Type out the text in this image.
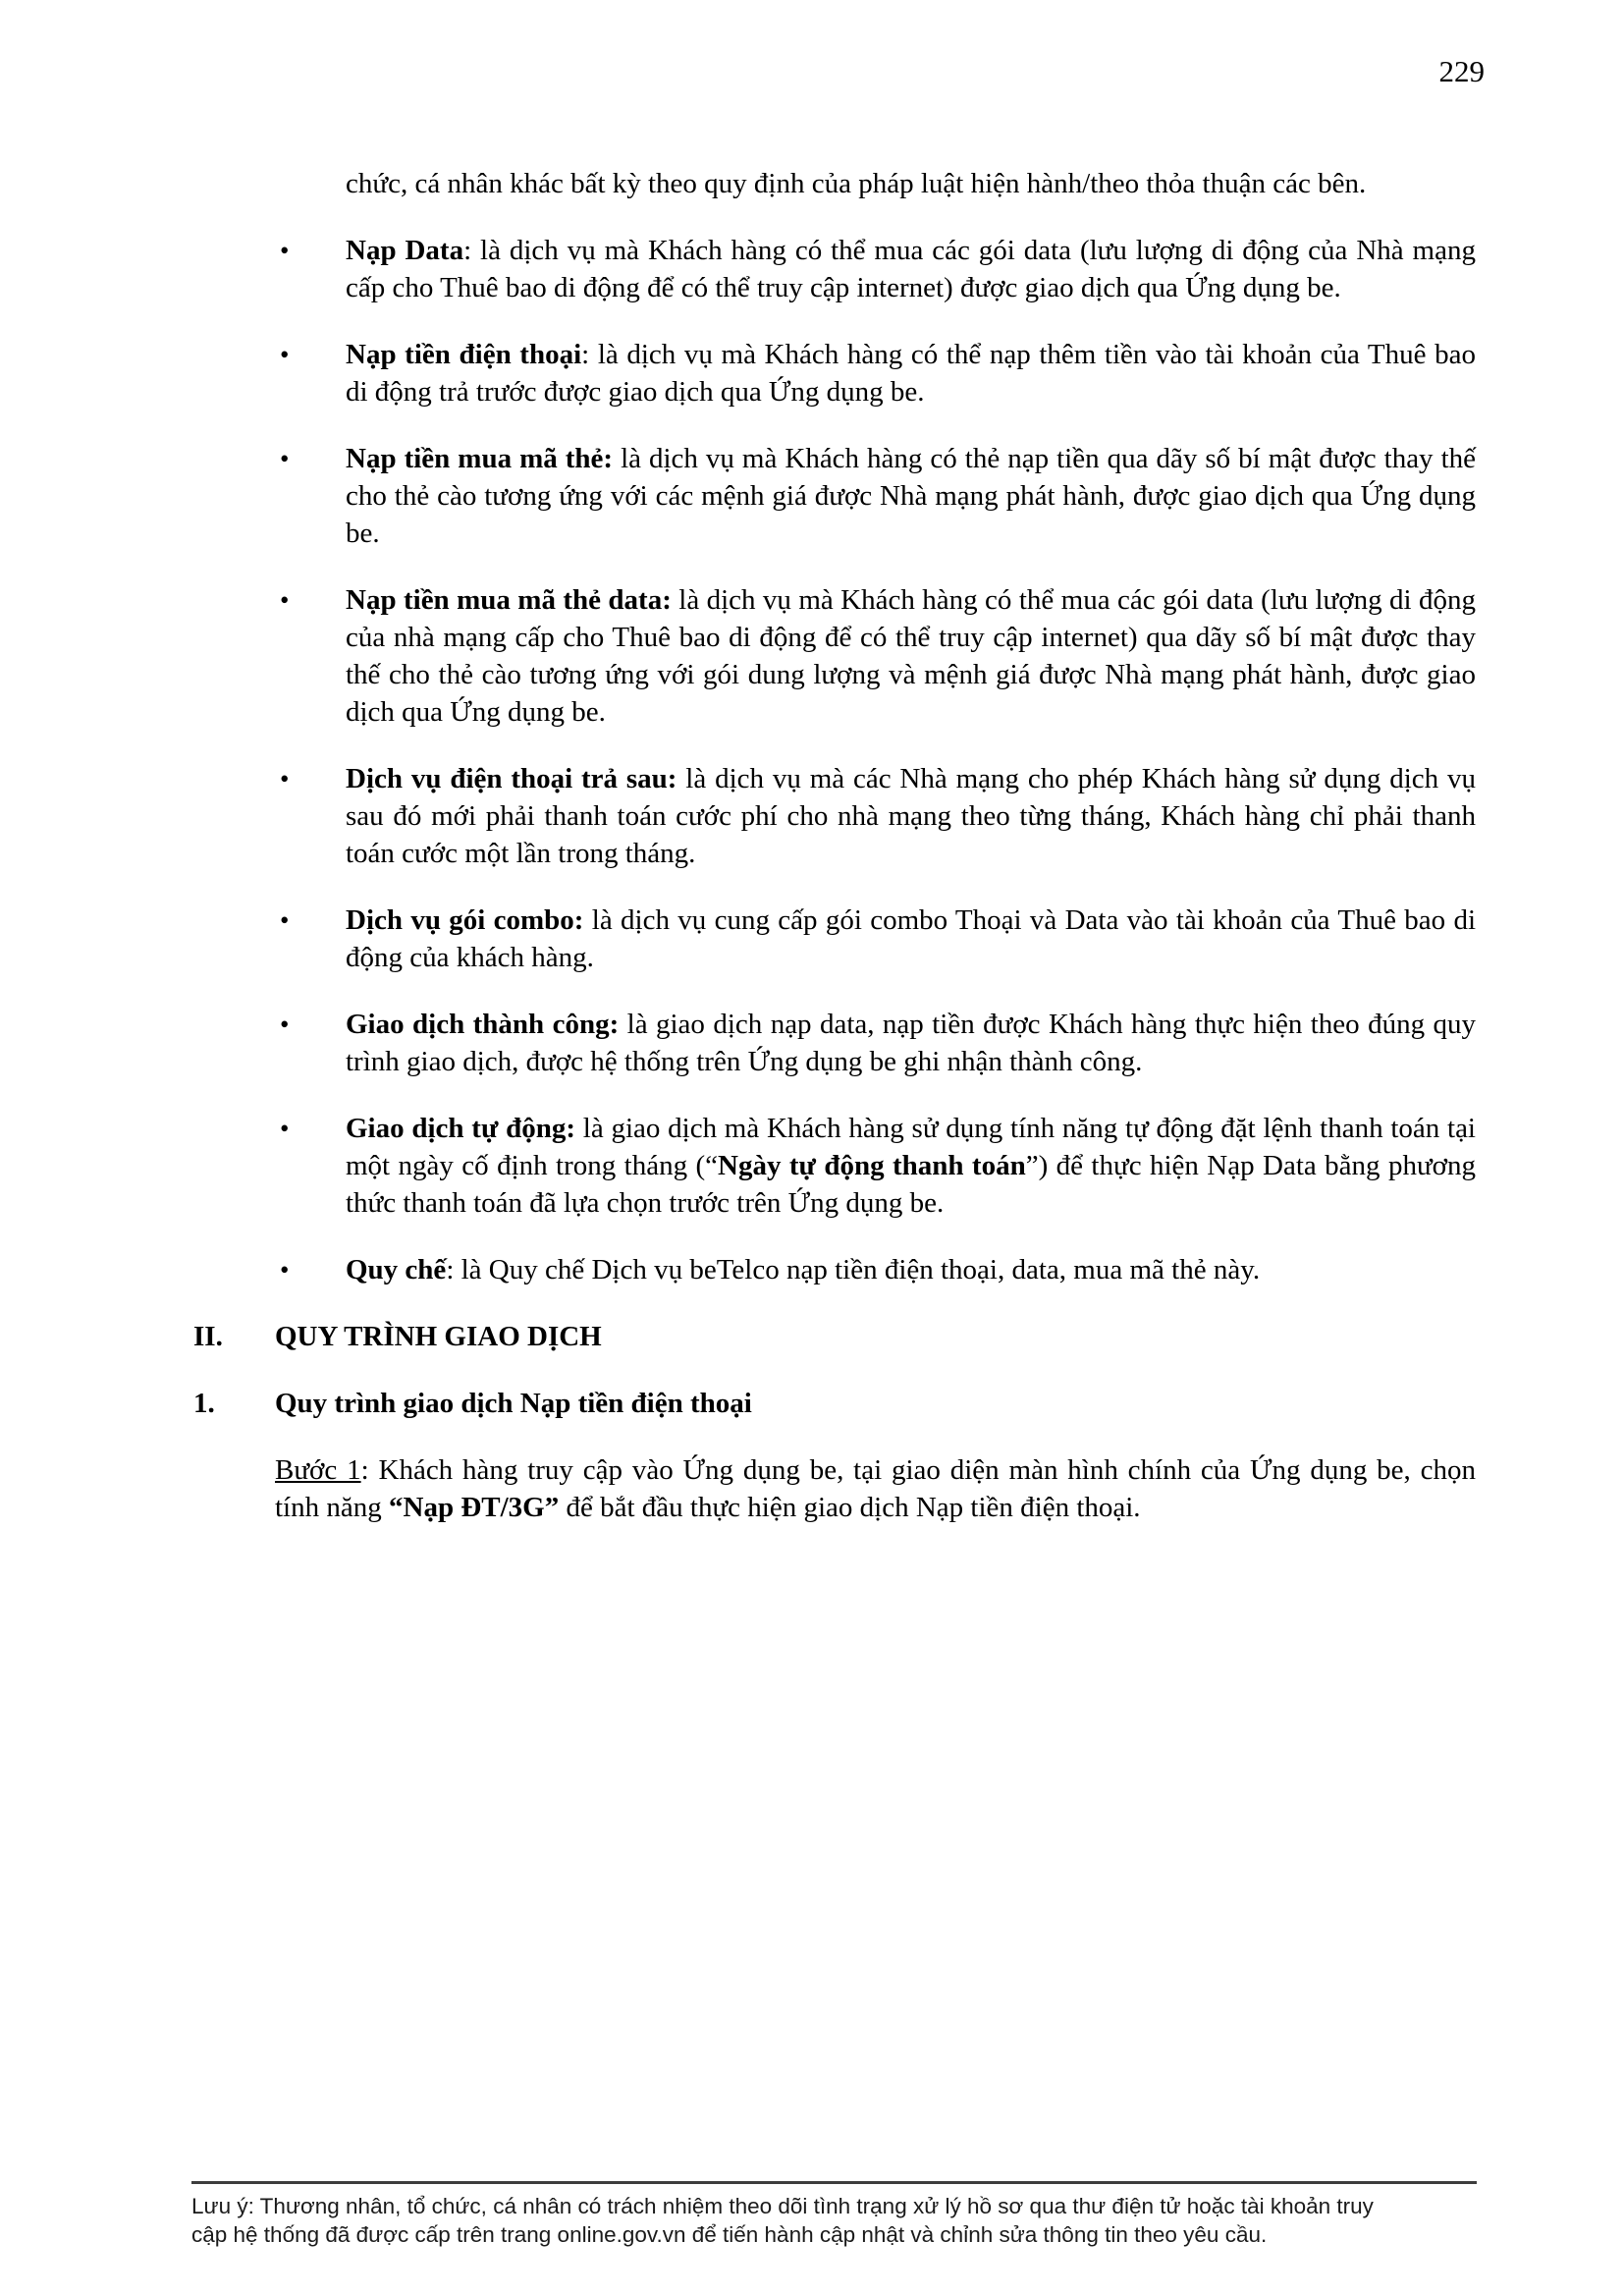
229

chức, cá nhân khác bất kỳ theo quy định của pháp luật hiện hành/theo thỏa thuận các bên.

•	Nạp Data: là dịch vụ mà Khách hàng có thể mua các gói data (lưu lượng di động của Nhà mạng cấp cho Thuê bao di động để có thể truy cập internet) được giao dịch qua Ứng dụng be.
•	Nạp tiền điện thoại: là dịch vụ mà Khách hàng có thể nạp thêm tiền vào tài khoản của Thuê bao di động trả trước được giao dịch qua Ứng dụng be.
•	Nạp tiền mua mã thẻ: là dịch vụ mà Khách hàng có thẻ nạp tiền qua dãy số bí mật được thay thế cho thẻ cào tương ứng với các mệnh giá được Nhà mạng phát hành, được giao dịch qua Ứng dụng be.
•	Nạp tiền mua mã thẻ data: là dịch vụ mà Khách hàng có thể mua các gói data (lưu lượng di động của nhà mạng cấp cho Thuê bao di động để có thể truy cập internet) qua dãy số bí mật được thay thế cho thẻ cào tương ứng với gói dung lượng và mệnh giá được Nhà mạng phát hành, được giao dịch qua Ứng dụng be.
•	Dịch vụ điện thoại trả sau: là dịch vụ mà các Nhà mạng cho phép Khách hàng sử dụng dịch vụ sau đó mới phải thanh toán cước phí cho nhà mạng theo từng tháng, Khách hàng chỉ phải thanh toán cước một lần trong tháng.
•	Dịch vụ gói combo: là dịch vụ cung cấp gói combo Thoại và Data vào tài khoản của Thuê bao di động của khách hàng.
•	Giao dịch thành công: là giao dịch nạp data, nạp tiền được Khách hàng thực hiện theo đúng quy trình giao dịch, được hệ thống trên Ứng dụng be ghi nhận thành công.
•	Giao dịch tự động: là giao dịch mà Khách hàng sử dụng tính năng tự động đặt lệnh thanh toán tại một ngày cố định trong tháng (“Ngày tự động thanh toán”) để thực hiện Nạp Data bằng phương thức thanh toán đã lựa chọn trước trên Ứng dụng be.
•	Quy chế: là Quy chế Dịch vụ beTelco nạp tiền điện thoại, data, mua mã thẻ này.
II.	QUY TRÌNH GIAO DỊCH
1.	Quy trình giao dịch Nạp tiền điện thoại

Bước 1: Khách hàng truy cập vào Ứng dụng be, tại giao diện màn hình chính của Ứng dụng be, chọn tính năng “Nạp ĐT/3G” để bắt đầu thực hiện giao dịch Nạp tiền điện thoại.

Lưu ý: Thương nhân, tổ chức, cá nhân có trách nhiệm theo dõi tình trạng xử lý hồ sơ qua thư điện tử hoặc tài khoản truy
cập hệ thống đã được cấp trên trang online.gov.vn để tiến hành cập nhật và chỉnh sửa thông tin theo yêu cầu.
